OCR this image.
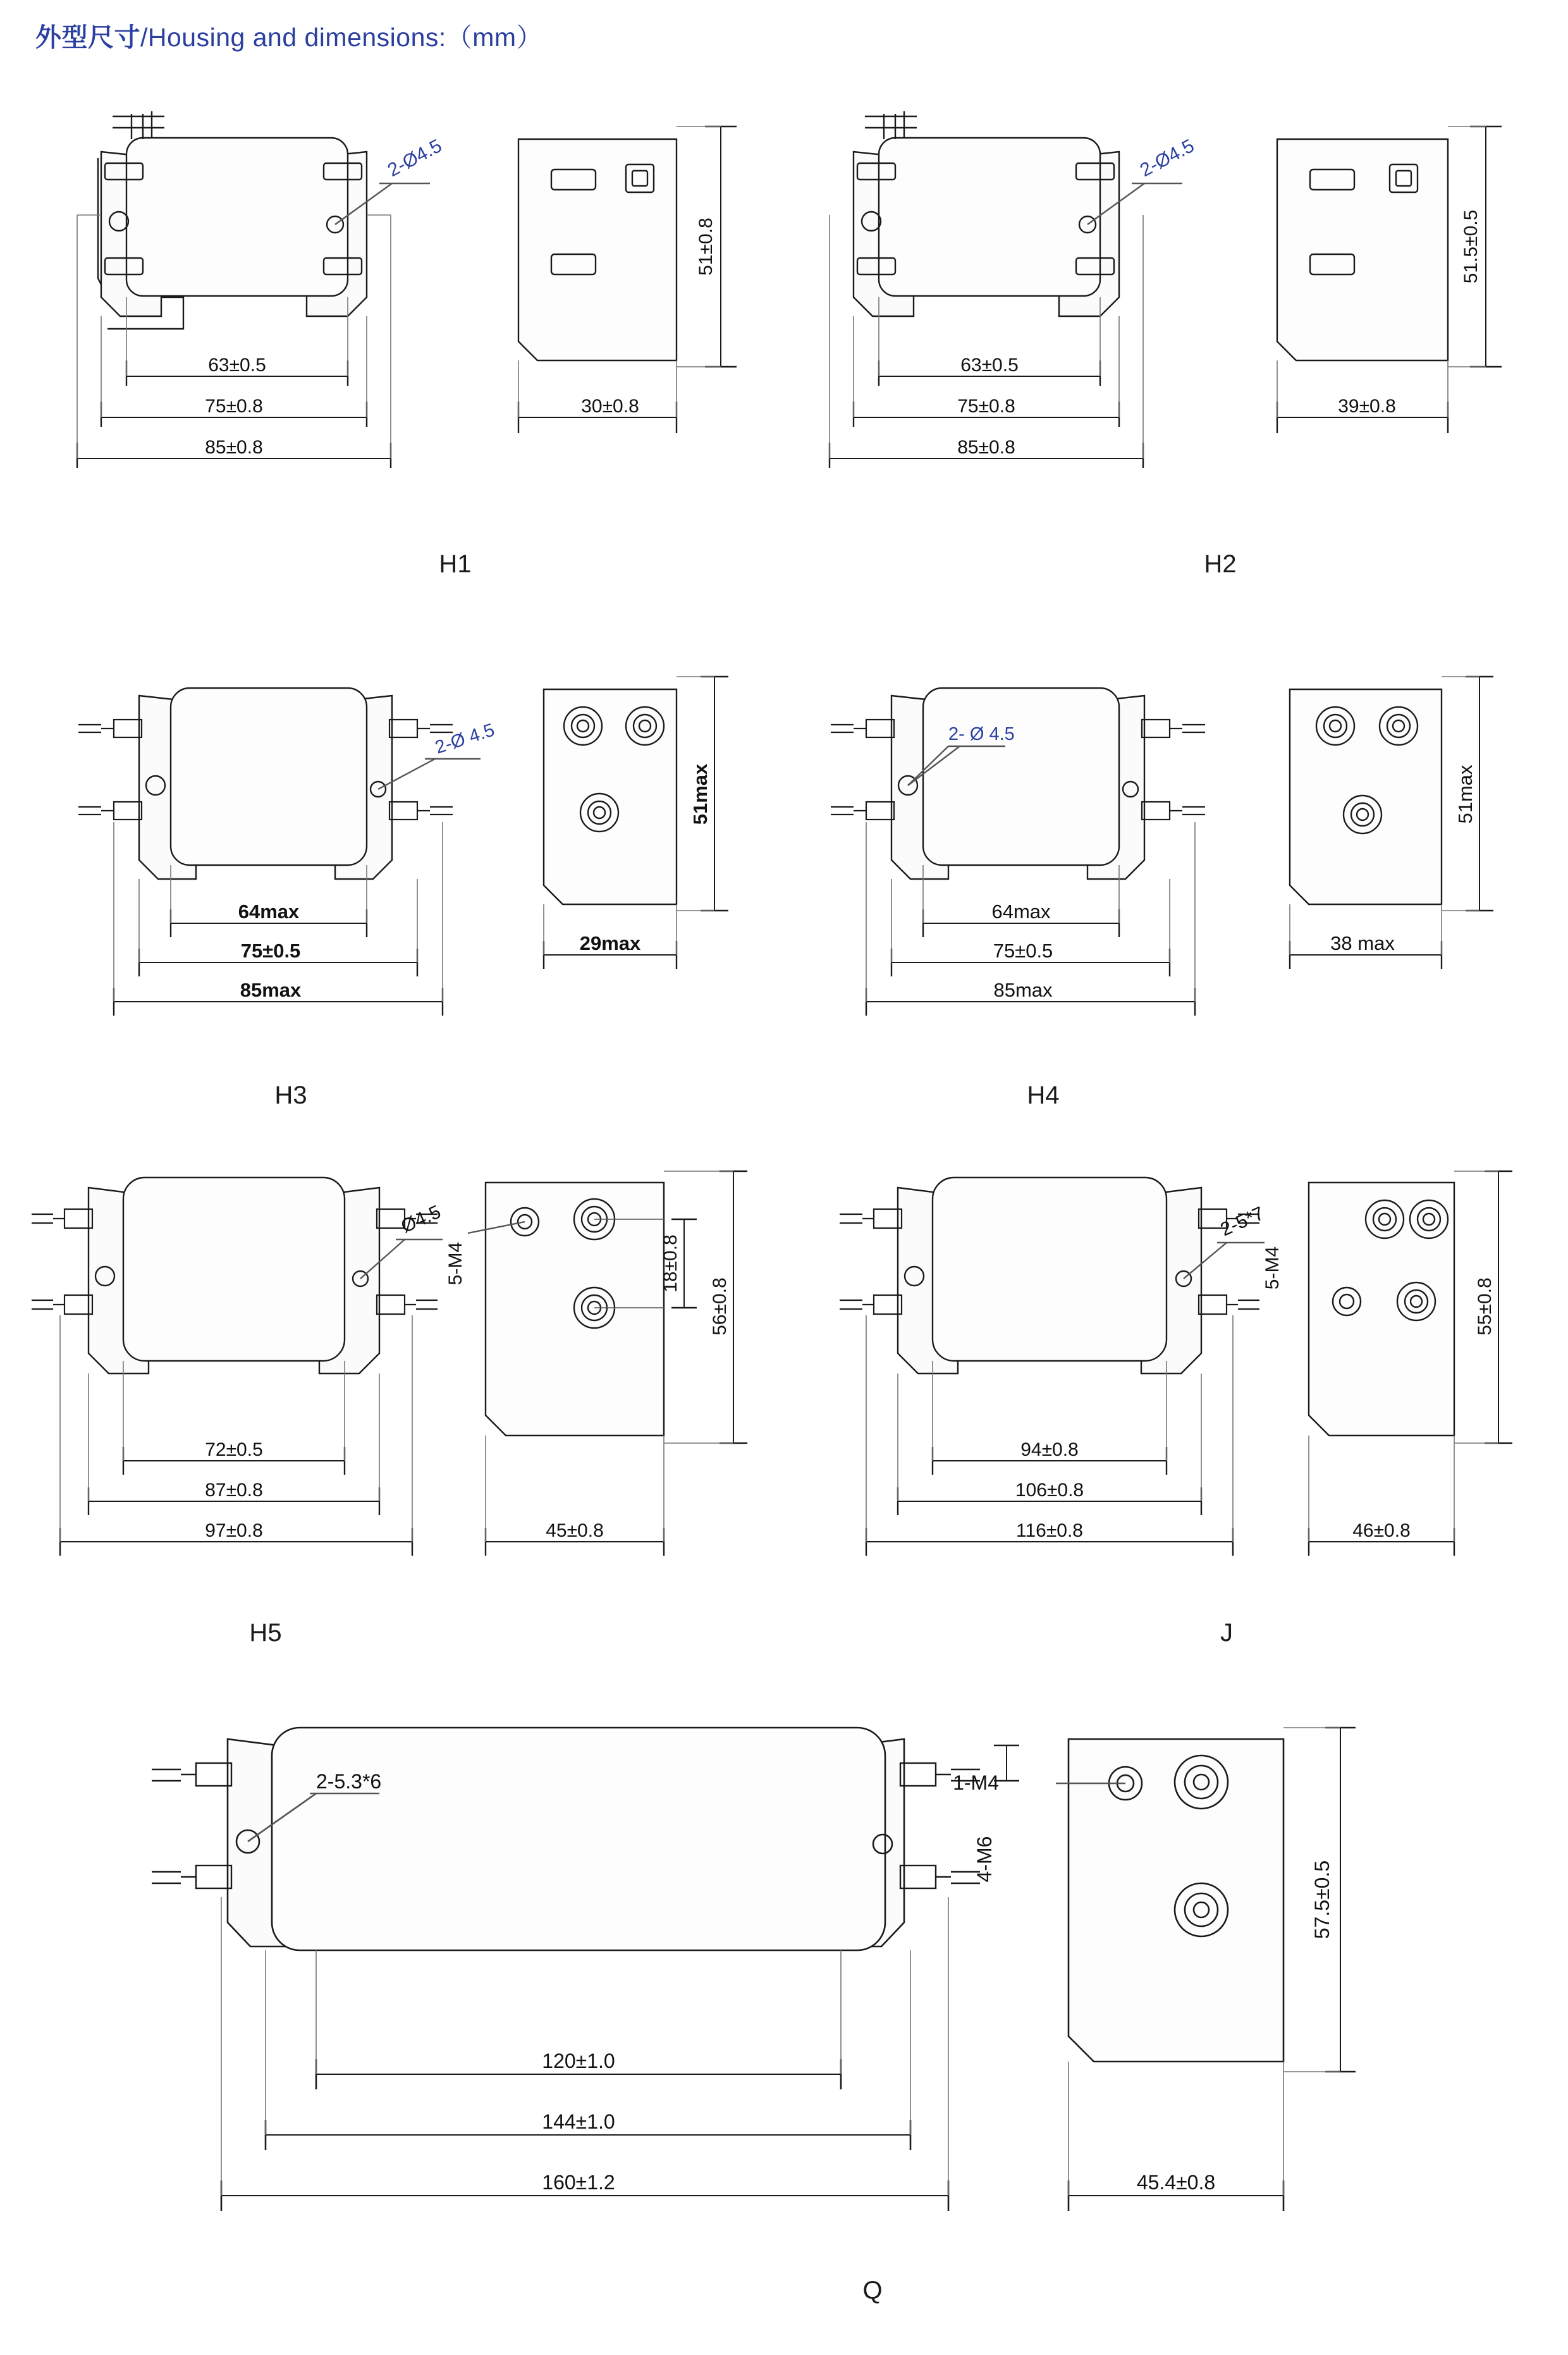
外型尺寸/Housing and dimensions:（mm）
63±0.5
75±0.8
85±0.8
30±0.8
51±0.8
2-Ø4.5
H1
63±0.5
75±0.8
85±0.8
39±0.8
51.5±0.5
2-Ø4.5
H2
64max
75±0.5
85max
29max
51max
2-Ø 4.5
H3
64max
75±0.5
85max
38 max
51max
2- Ø 4.5
H4
72±0.5
87±0.8
97±0.8	45±0.8
18±0.8
56±0.8
5-M4
Ø4.5
H5
94±0.8
106±0.8
116±0.8	46±0.8
55±0.8
5-M4
2-5*7
J
120±1.0
144±1.0
160±1.2	45.4±0.8
57.5±0.5
4-M6
1-M4
2-5.3*6
Q
